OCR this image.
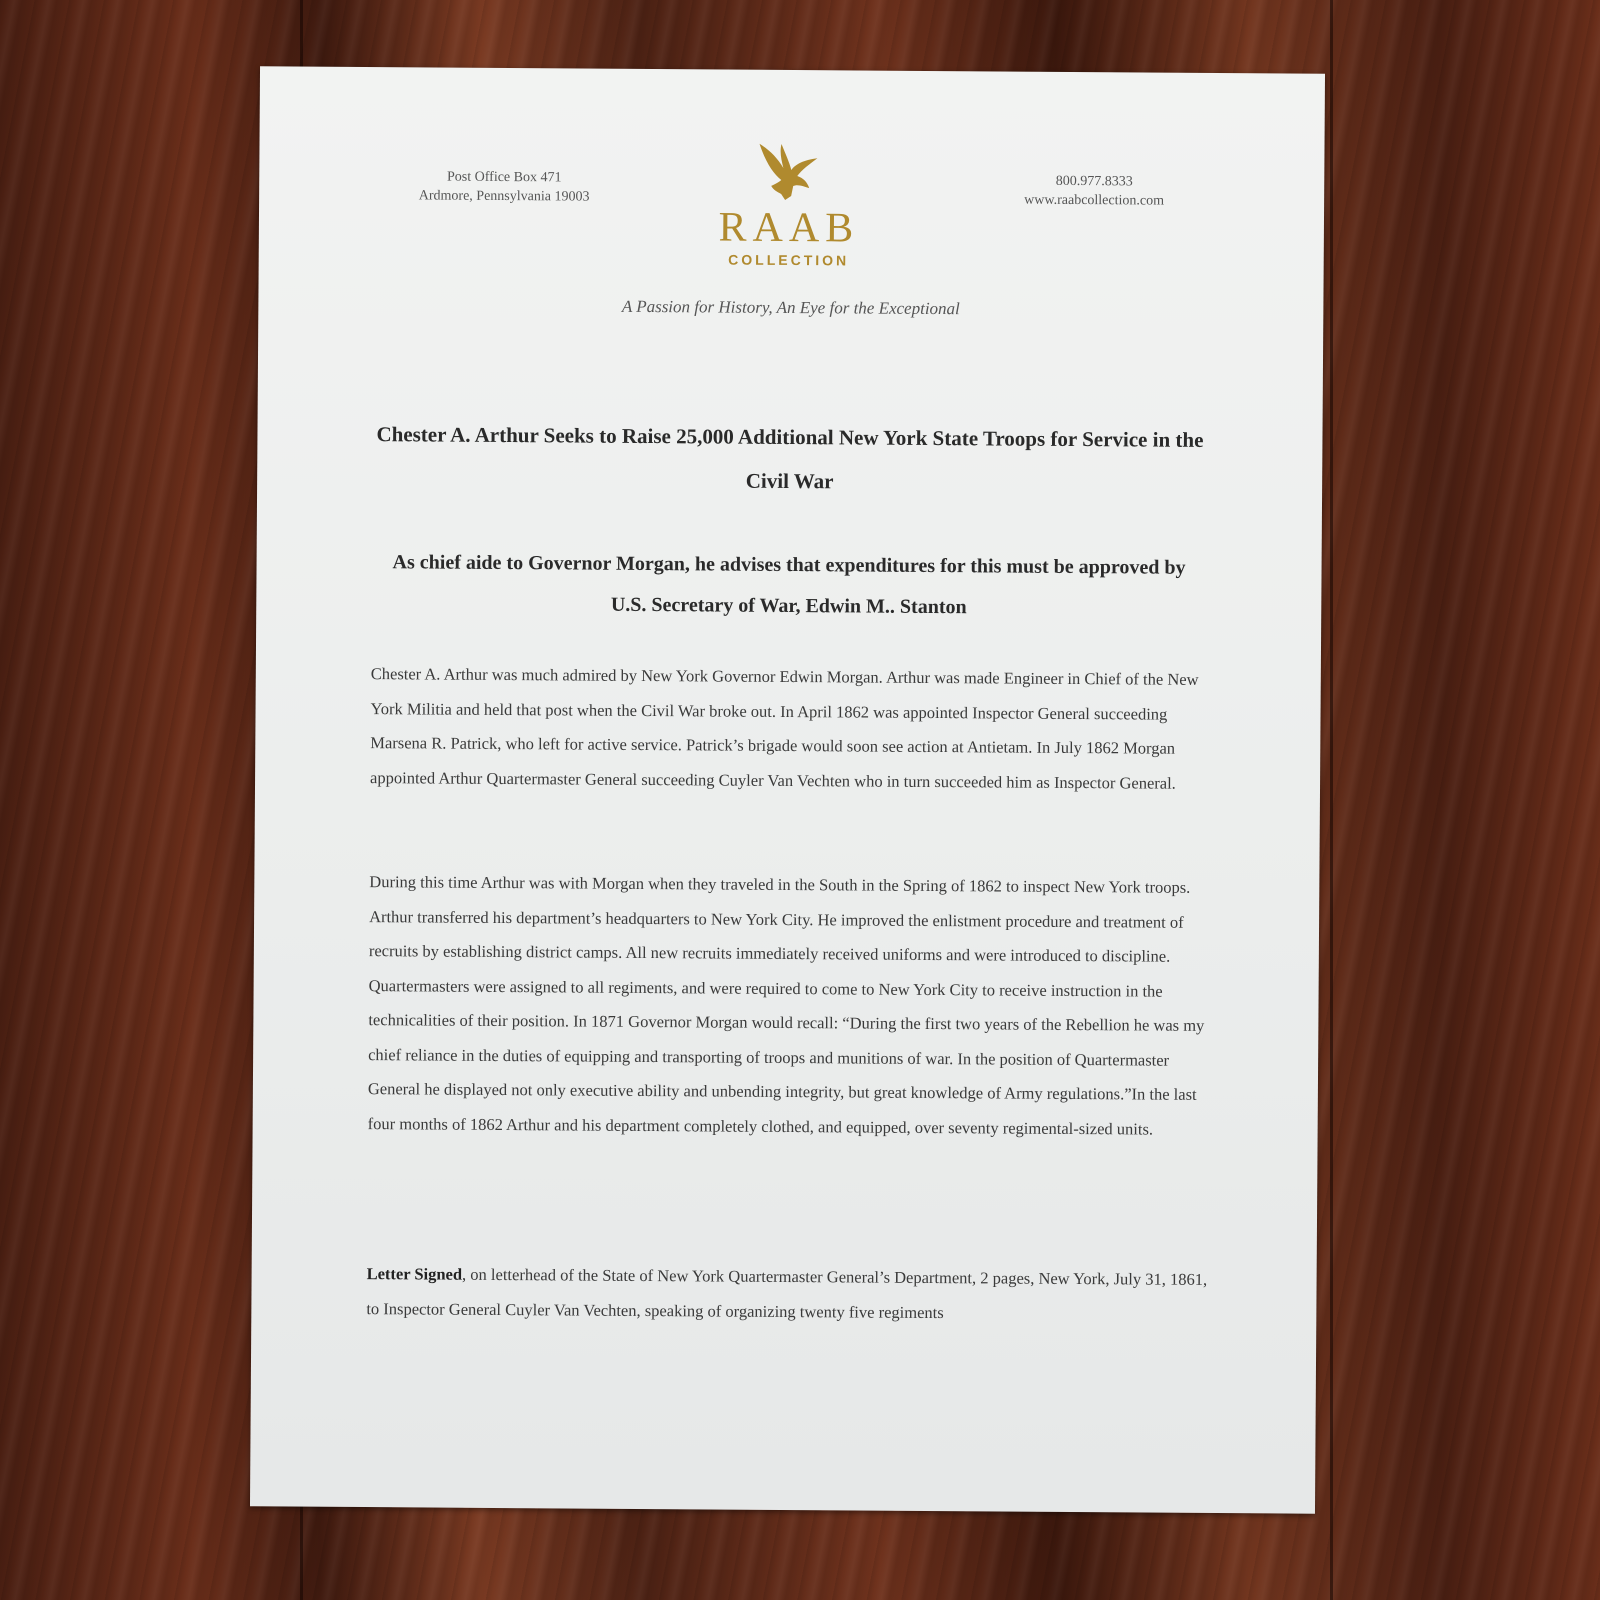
Post Office Box 471
Ardmore, Pennsylvania 19003
RAAB
COLLECTION
800.977.8333
www.raabcollection.com
A Passion for History, An Eye for the Exceptional
Chester A. Arthur Seeks to Raise 25,000 Additional New York State Troops for Service in the Civil War
As chief aide to Governor Morgan, he advises that expenditures for this must be approved by U.S. Secretary of War, Edwin M.. Stanton
Chester A. Arthur was much admired by New York Governor Edwin Morgan. Arthur was made Engineer in Chief of the New York Militia and held that post when the Civil War broke out. In April 1862 was appointed Inspector General succeeding Marsena R. Patrick, who left for active service. Patrick’s brigade would soon see action at Antietam. In July 1862 Morgan appointed Arthur Quartermaster General succeeding Cuyler Van Vechten who in turn succeeded him as Inspector General.
During this time Arthur was with Morgan when they traveled in the South in the Spring of 1862 to inspect New York troops. Arthur transferred his department’s headquarters to New York City. He improved the enlistment procedure and treatment of recruits by establishing district camps. All new recruits immediately received uniforms and were introduced to discipline. Quartermasters were assigned to all regiments, and were required to come to New York City to receive instruction in the technicalities of their position. In 1871 Governor Morgan would recall: “During the first two years of the Rebellion he was my chief reliance in the duties of equipping and transporting of troops and munitions of war. In the position of Quartermaster General he displayed not only executive ability and unbending integrity, but great knowledge of Army regulations.”In the last four months of 1862 Arthur and his department completely clothed, and equipped, over seventy regimental-sized units.
Letter Signed, on letterhead of the State of New York Quartermaster General’s Department, 2 pages, New York, July 31, 1861, to Inspector General Cuyler Van Vechten, speaking of organizing twenty five regiments
